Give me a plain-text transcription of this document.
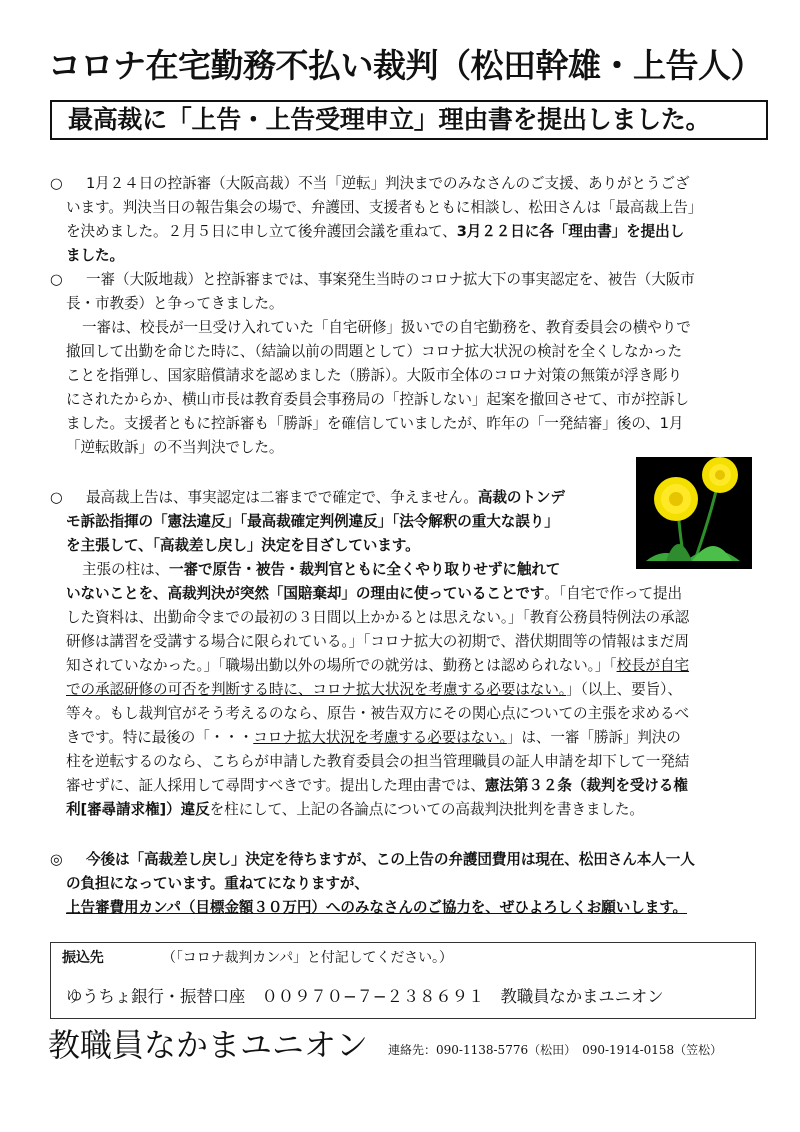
コロナ在宅勤務不払い裁判（松田幹雄・上告人）
最高裁に「上告・上告受理申立」理由書を提出しました。
○ 1月２４日の控訴審（大阪高裁）不当「逆転」判決までのみなさんのご支援、ありがとうござ
います。判決当日の報告集会の場で、弁護団、支援者もともに相談し、松田さんは「最高裁上告」
を決めました。２月５日に申し立て後弁護団会議を重ねて、3月２２日に各「理由書」を提出し
ました。
○ 一審（大阪地裁）と控訴審までは、事案発生当時のコロナ拡大下の事実認定を、被告（大阪市
長・市教委）と争ってきました。
一審は、校長が一旦受け入れていた「自宅研修」扱いでの自宅勤務を、教育委員会の横やりで
撤回して出勤を命じた時に、（結論以前の問題として）コロナ拡大状況の検討を全くしなかった
ことを指弾し、国家賠償請求を認めました（勝訴）。大阪市全体のコロナ対策の無策が浮き彫り
にされたからか、横山市長は教育委員会事務局の「控訴しない」起案を撤回させて、市が控訴し
ました。支援者ともに控訴審も「勝訴」を確信していましたが、昨年の「一発結審」後の、1月
「逆転敗訴」の不当判決でした。
○ 最高裁上告は、事実認定は二審までで確定で、争えません。高裁のトンデ
モ訴訟指揮の「憲法違反」「最高裁確定判例違反」「法令解釈の重大な誤り」
を主張して、「高裁差し戻し」決定を目ざしています。
主張の柱は、一審で原告・被告・裁判官ともに全くやり取りせずに触れて
いないことを、高裁判決が突然「国賠棄却」の理由に使っていることです。「自宅で作って提出
した資料は、出勤命令までの最初の３日間以上かかるとは思えない。」「教育公務員特例法の承認
研修は講習を受講する場合に限られている。」「コロナ拡大の初期で、潜伏期間等の情報はまだ周
知されていなかった。」「職場出勤以外の場所での就労は、勤務とは認められない。」「校長が自宅
での承認研修の可否を判断する時に、コロナ拡大状況を考慮する必要はない。」（以上、要旨）、
等々。もし裁判官がそう考えるのなら、原告・被告双方にその関心点についての主張を求めるべ
きです。特に最後の「・・・コロナ拡大状況を考慮する必要はない。」は、一審「勝訴」判決の
柱を逆転するのなら、こちらが申請した教育委員会の担当管理職員の証人申請を却下して一発結
審せずに、証人採用して尋問すべきです。提出した理由書では、憲法第３２条（裁判を受ける権
利[審尋請求権]）違反を柱にして、上記の各論点についての高裁判決批判を書きました。
◎ 今後は「高裁差し戻し」決定を待ちますが、この上告の弁護団費用は現在、松田さん本人一人
の負担になっています。重ねてになりますが、
上告審費用カンパ（目標金額３０万円）へのみなさんのご協力を、ぜひよろしくお願いします。
振込先	（「コロナ裁判カンパ」と付記してください。）
ゆうちょ銀行・振替口座　００９７０−７−２３８６９１　教職員なかまユニオン
教職員なかまユニオン 連絡先：090-1138-5776（松田）　090-1914-0158（笠松）
